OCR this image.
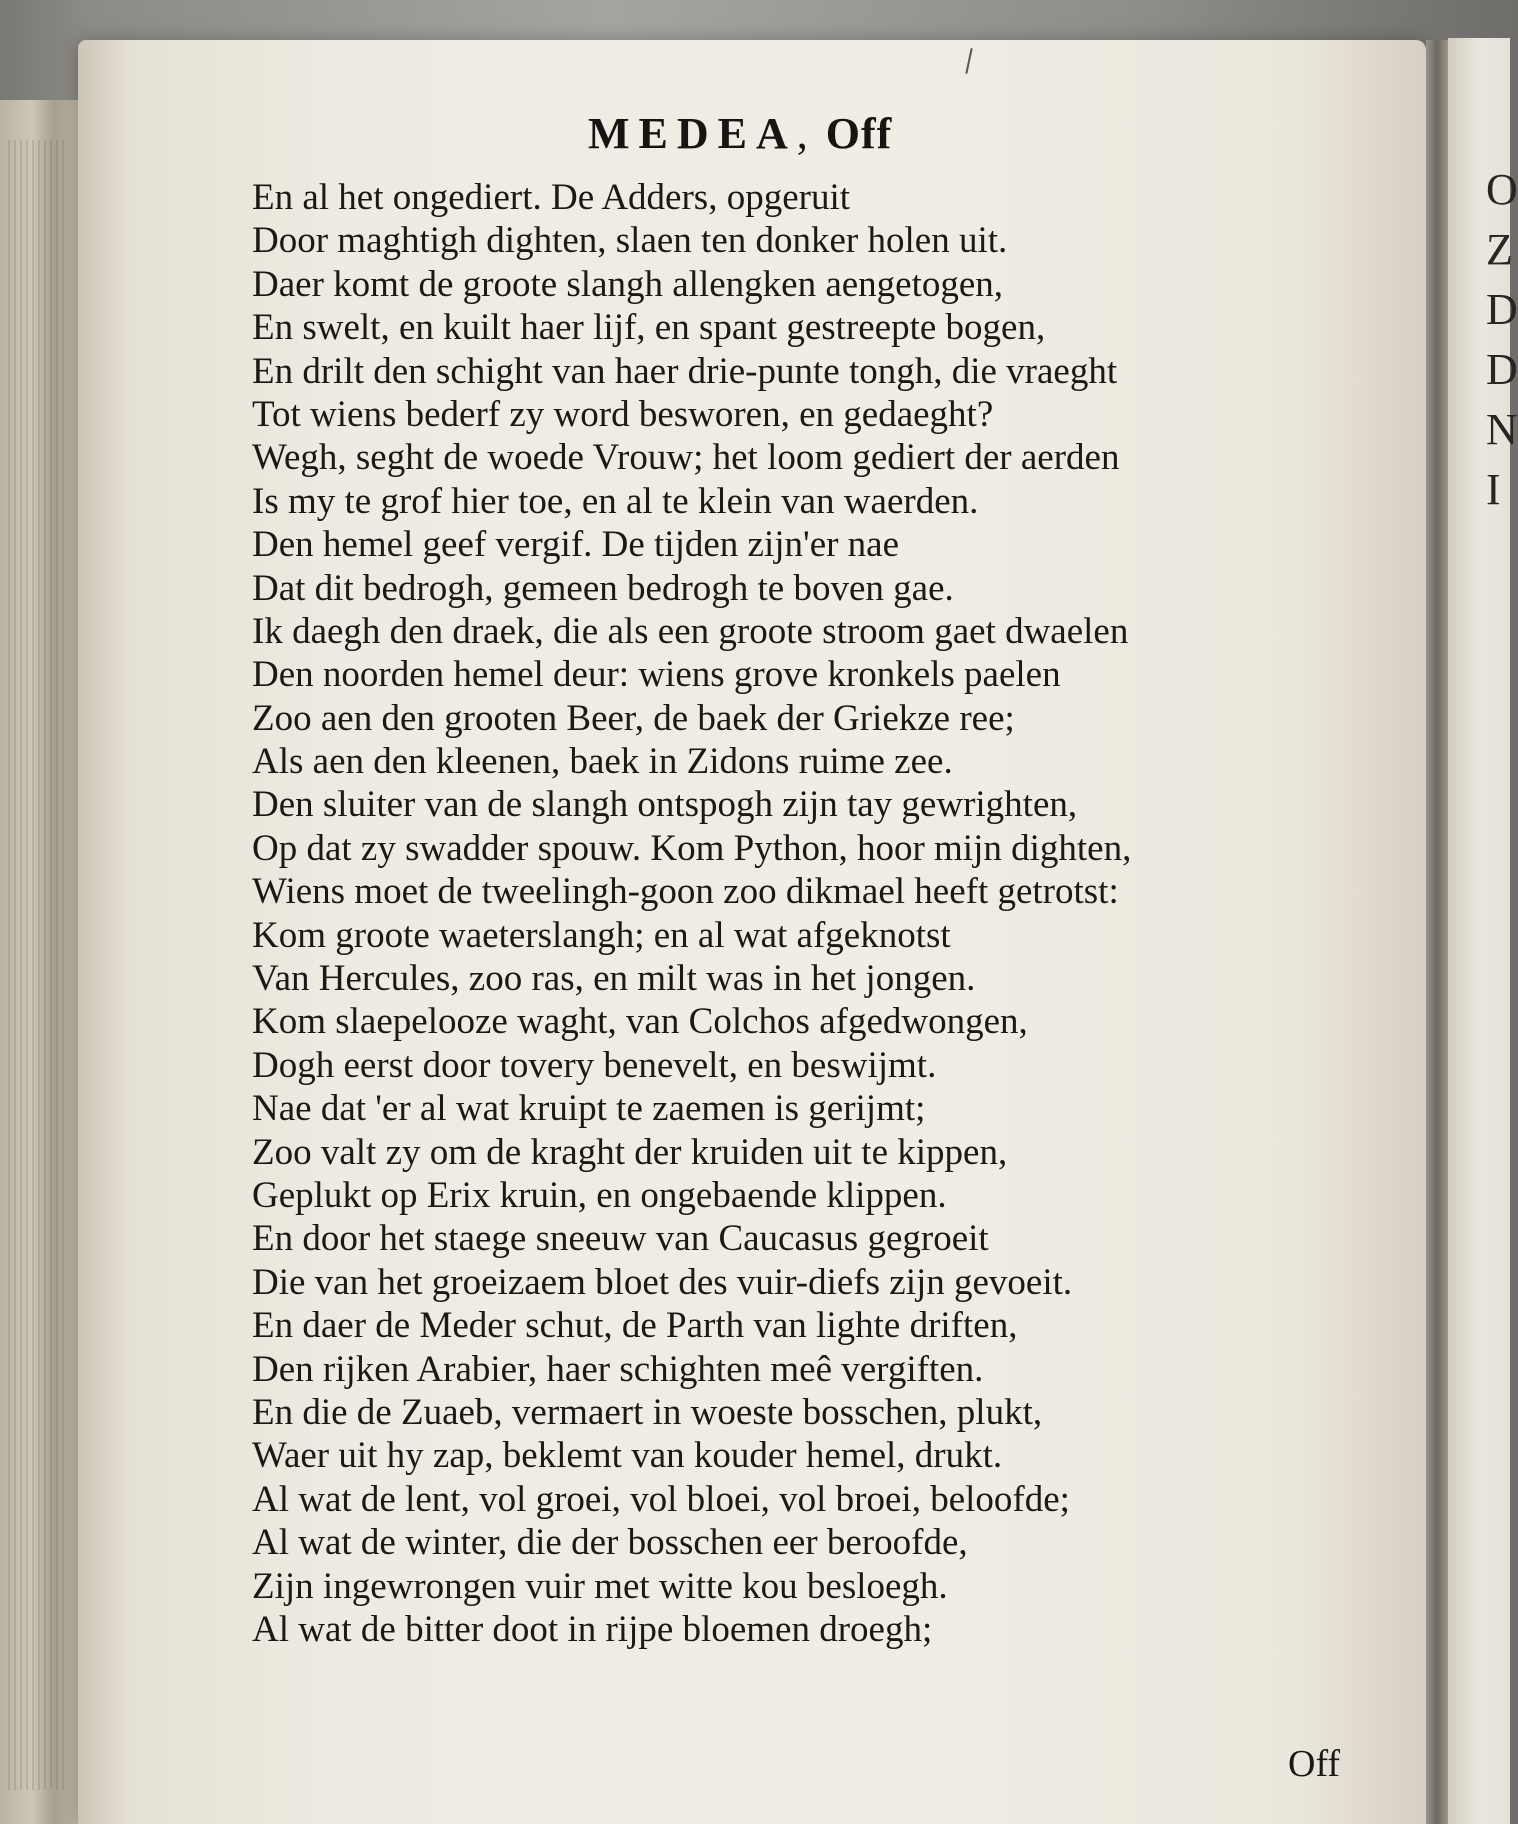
O
Z
D
D
N
I
MEDEA, Off
En al het ongediert. De Adders, opgeruit
Door maghtigh dighten, slaen ten donker holen uit.
Daer komt de groote slangh allengken aengetogen,
En swelt, en kuilt haer lijf, en spant gestreepte bogen,
En drilt den schight van haer drie-punte tongh, die vraeght
Tot wiens bederf zy word besworen, en gedaeght?
Wegh, seght de woede Vrouw; het loom gediert der aerden
Is my te grof hier toe, en al te klein van waerden.
Den hemel geef vergif. De tijden zijn'er nae
Dat dit bedrogh, gemeen bedrogh te boven gae.
Ik daegh den draek, die als een groote stroom gaet dwaelen
Den noorden hemel deur: wiens grove kronkels paelen
Zoo aen den grooten Beer, de baek der Griekze ree;
Als aen den kleenen, baek in Zidons ruime zee.
Den sluiter van de slangh ontspogh zijn tay gewrighten,
Op dat zy swadder spouw. Kom Python, hoor mijn dighten,
Wiens moet de tweelingh-goon zoo dikmael heeft getrotst:
Kom groote waeterslangh; en al wat afgeknotst
Van Hercules, zoo ras, en milt was in het jongen.
Kom slaepelooze waght, van Colchos afgedwongen,
Dogh eerst door tovery benevelt, en beswijmt.
Nae dat 'er al wat kruipt te zaemen is gerijmt;
Zoo valt zy om de kraght der kruiden uit te kippen,
Geplukt op Erix kruin, en ongebaende klippen.
En door het staege sneeuw van Caucasus gegroeit
Die van het groeizaem bloet des vuir-diefs zijn gevoeit.
En daer de Meder schut, de Parth van lighte driften,
Den rijken Arabier, haer schighten meê vergiften.
En die de Zuaeb, vermaert in woeste bosschen, plukt,
Waer uit hy zap, beklemt van kouder hemel, drukt.
Al wat de lent, vol groei, vol bloei, vol broei, beloofde;
Al wat de winter, die der bosschen eer beroofde,
Zijn ingewrongen vuir met witte kou besloegh.
Al wat de bitter doot in rijpe bloemen droegh;
Off
